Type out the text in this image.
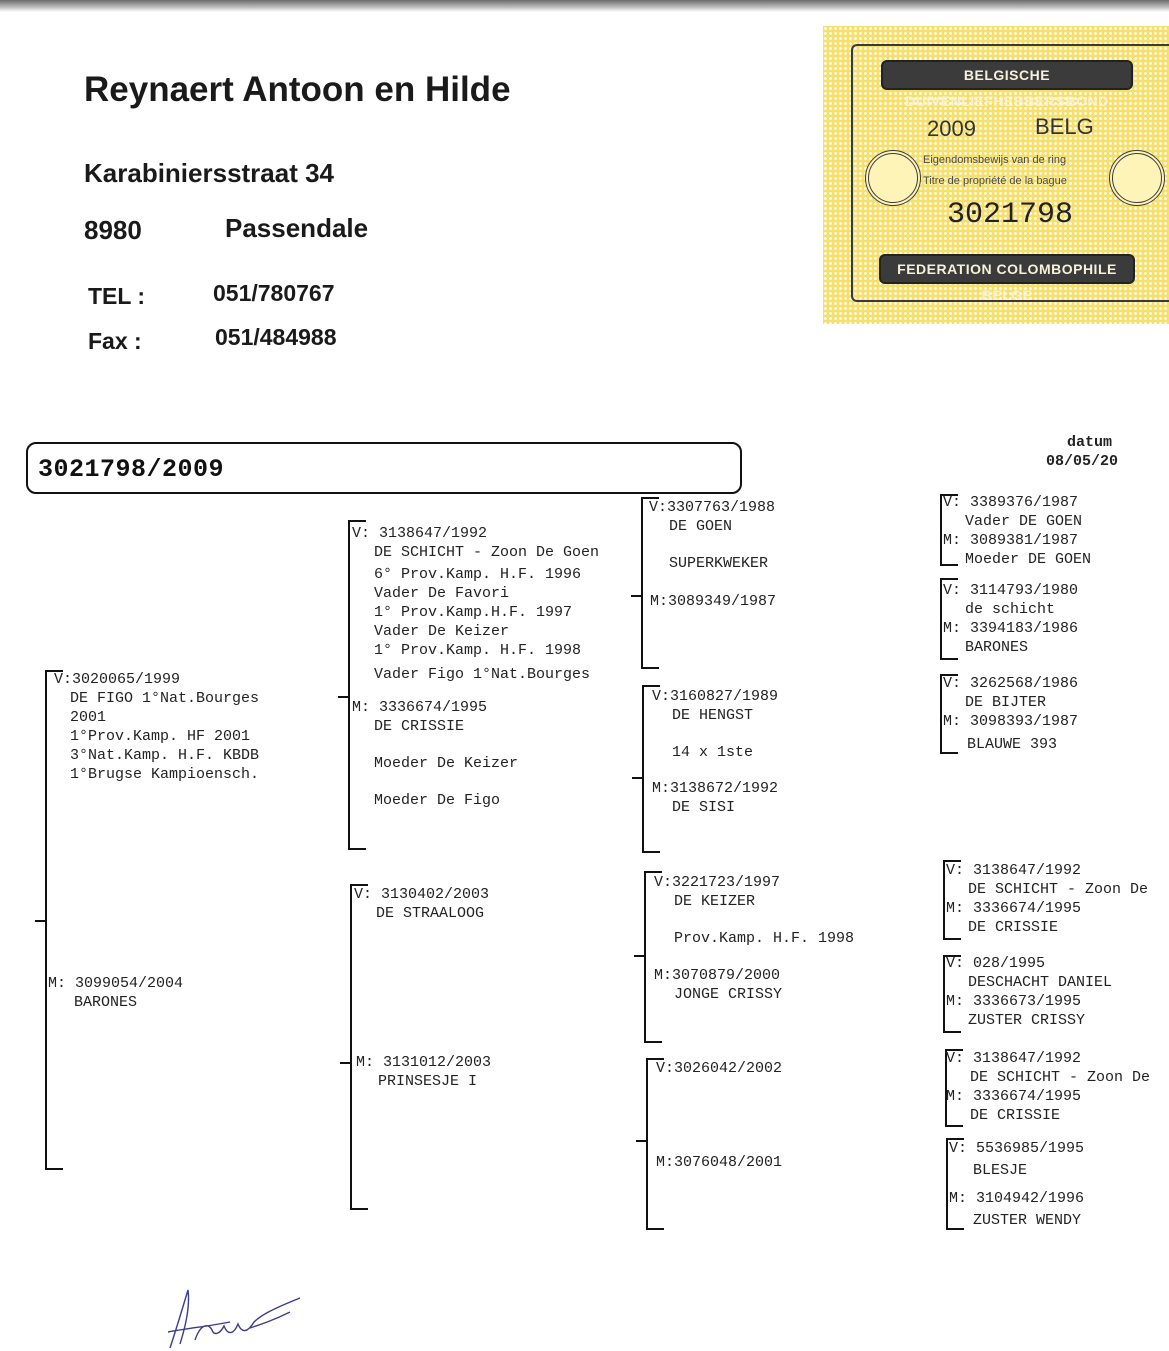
Reynaert Antoon en Hilde
Karabiniersstraat 34
8980	Passendale
TEL :	051/780767
Fax :	051/484988
BELGISCHE DUIVENLIEFHEBBERSBOND
2009	BELG
Eigendomsbewijs van de ring
Titre de propriété de la bague
3021798
FEDERATION COLOMBOPHILE BELGE
3021798/2009
datum
08/05/20
V:3020065/1999
DE FIGO 1°Nat.Bourges
2001
1°Prov.Kamp. HF 2001
3°Nat.Kamp. H.F. KBDB
1°Brugse Kampioensch.
M: 3099054/2004
BARONES
V: 3138647/1992
DE SCHICHT - Zoon De Goen
6° Prov.Kamp. H.F. 1996
Vader De Favori
1° Prov.Kamp.H.F. 1997
Vader De Keizer
1° Prov.Kamp. H.F. 1998
Vader Figo 1°Nat.Bourges
M: 3336674/1995
DE CRISSIE
Moeder De Keizer
Moeder De Figo
V: 3130402/2003
DE STRAALOOG
M: 3131012/2003
PRINSESJE I
V:3307763/1988
DE GOEN
SUPERKWEKER
M:3089349/1987
V:3160827/1989
DE HENGST
14 x 1ste
M:3138672/1992
DE SISI
V:3221723/1997
DE KEIZER
Prov.Kamp. H.F. 1998
M:3070879/2000
JONGE CRISSY
V:3026042/2002
M:3076048/2001
V: 3389376/1987
Vader DE GOEN
M: 3089381/1987
Moeder DE GOEN
V: 3114793/1980
de schicht
M: 3394183/1986
BARONES
V: 3262568/1986
DE BIJTER
M: 3098393/1987
BLAUWE 393
V: 3138647/1992
DE SCHICHT - Zoon De
M: 3336674/1995
DE CRISSIE
V: 028/1995
DESCHACHT DANIEL
M: 3336673/1995
ZUSTER CRISSY
V: 3138647/1992
DE SCHICHT - Zoon De
M: 3336674/1995
DE CRISSIE
V: 5536985/1995
BLESJE
M: 3104942/1996
ZUSTER WENDY
